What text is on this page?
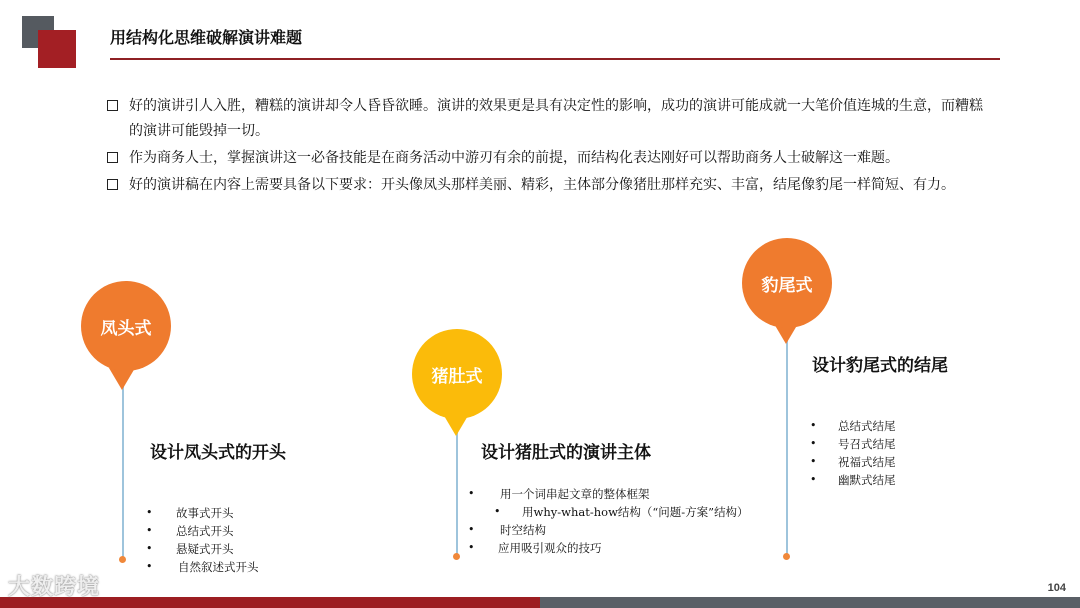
用结构化思维破解演讲难题
好的演讲引人入胜，糟糕的演讲却令人昏昏欲睡。演讲的效果更是具有决定性的影响，成功的演讲可能成就一大笔价值连城的生意，而糟糕的演讲可能毁掉一切。
作为商务人士，掌握演讲这一必备技能是在商务活动中游刃有余的前提，而结构化表达刚好可以帮助商务人士破解这一难题。
好的演讲稿在内容上需要具备以下要求：开头像凤头那样美丽、精彩，主体部分像猪肚那样充实、丰富，结尾像豹尾一样简短、有力。
凤头式
设计凤头式的开头
• 故事式开头
• 总结式开头
• 悬疑式开头
• 自然叙述式开头
猪肚式
设计猪肚式的演讲主体
• 用一个词串起文章的整体框架
• 用why-what-how结构（“问题-方案”结构）
• 时空结构
• 应用吸引观众的技巧
豹尾式
设计豹尾式的结尾
• 总结式结尾
• 号召式结尾
• 祝福式结尾
• 幽默式结尾
大数跨境	104
